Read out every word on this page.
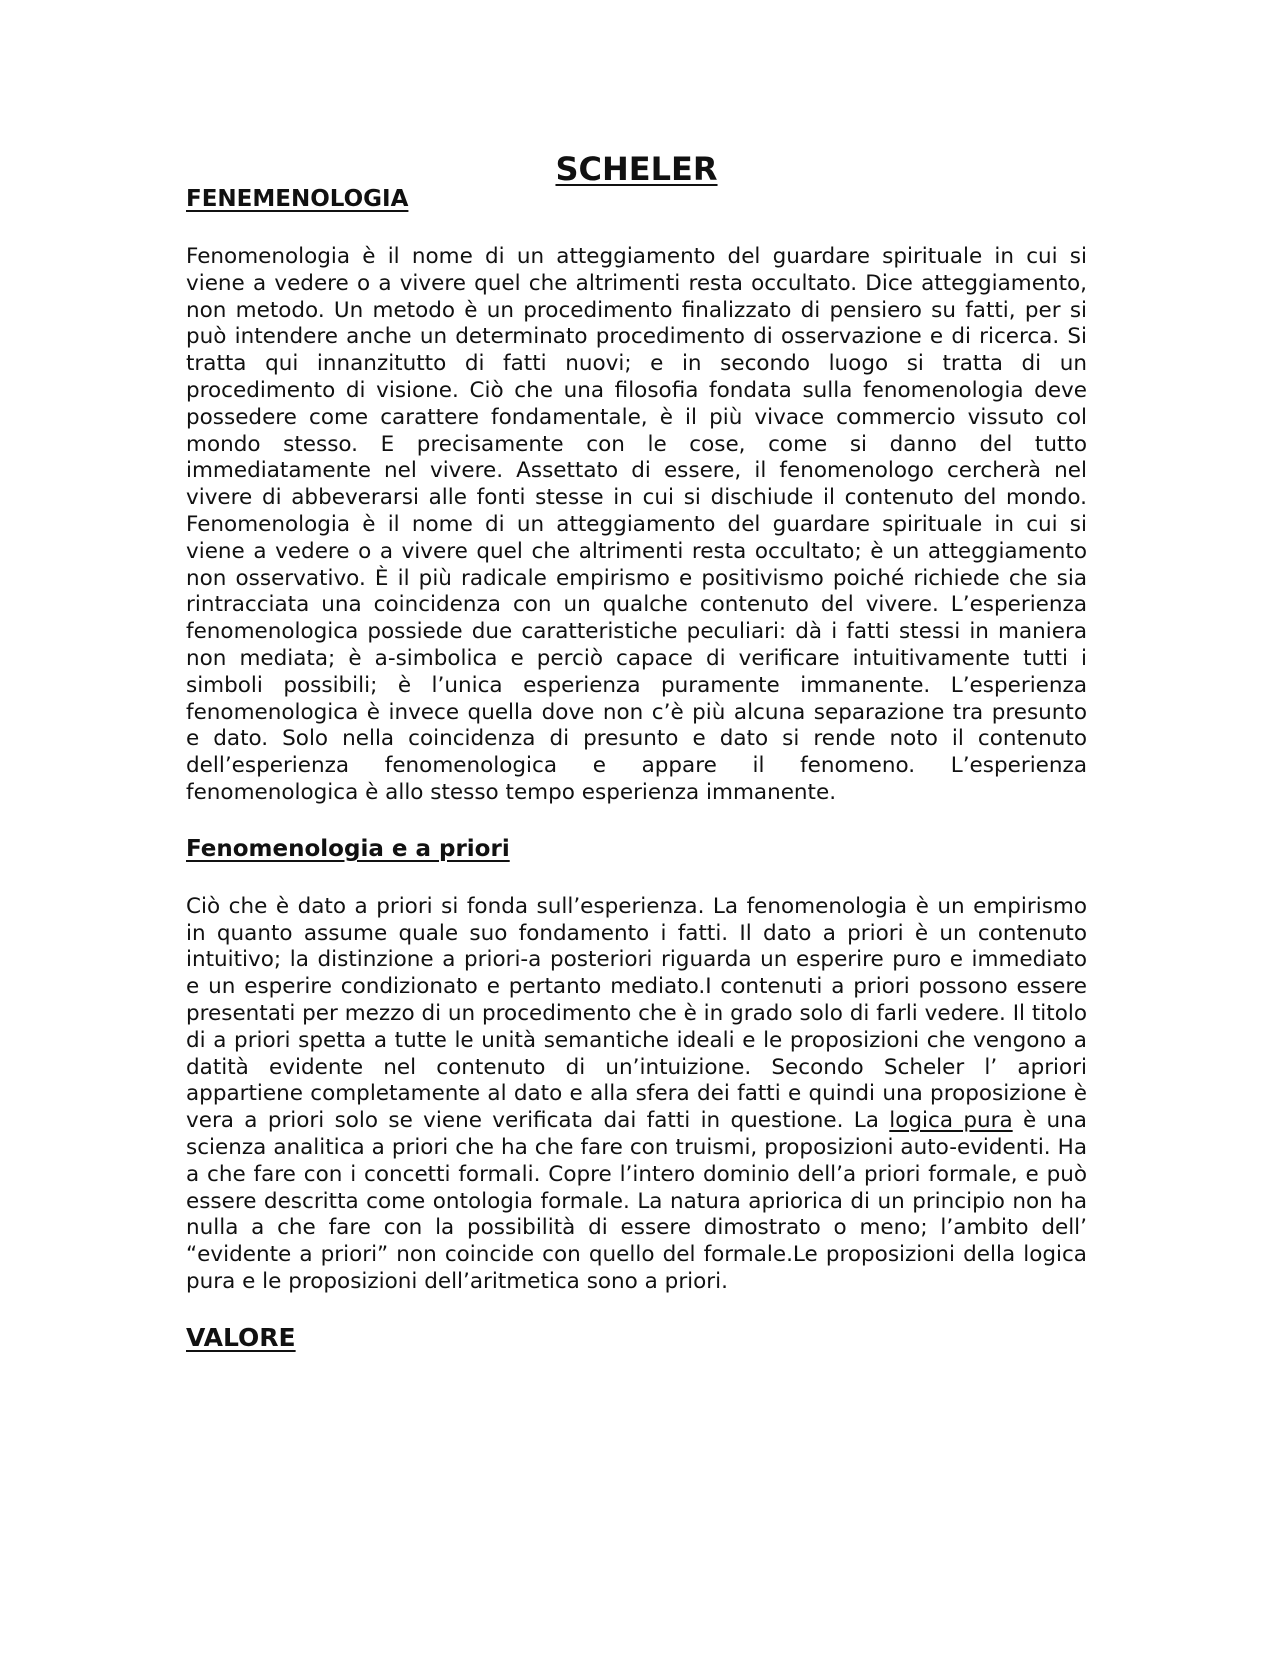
SCHELER
FENEMENOLOGIA

Fenomenologia è il nome di un atteggiamento del guardare spirituale in cui si viene a vedere o a vivere quel che altrimenti resta occultato. Dice atteggiamento, non metodo. Un metodo è un procedimento finalizzato di pensiero su fatti, per si può intendere anche un determinato procedimento di osservazione e di ricerca. Si tratta qui innanzitutto di fatti nuovi; e in secondo luogo si tratta di un procedimento di visione. Ciò che una filosofia fondata sulla fenomenologia deve possedere come carattere fondamentale, è il più vivace commercio vissuto col mondo stesso. E precisamente con le cose, come si danno del tutto immediatamente nel vivere. Assettato di essere, il fenomenologo cercherà nel vivere di abbeverarsi alle fonti stesse in cui si dischiude il contenuto del mondo. Fenomenologia è il nome di un atteggiamento del guardare spirituale in cui si viene a vedere o a vivere quel che altrimenti resta occultato; è un atteggiamento non osservativo. È il più radicale empirismo e positivismo poiché richiede che sia rintracciata una coincidenza con un qualche contenuto del vivere. L’esperienza fenomenologica possiede due caratteristiche peculiari: dà i fatti stessi in maniera non mediata; è a-simbolica e perciò capace di verificare intuitivamente tutti i simboli possibili; è l’unica esperienza puramente immanente. L’esperienza fenomenologica è invece quella dove non c’è più alcuna separazione tra presunto e dato. Solo nella coincidenza di presunto e dato si rende noto il contenuto dell’esperienza fenomenologica e appare il fenomeno. L’esperienza fenomenologica è allo stesso tempo esperienza immanente.

Fenomenologia e a priori

Ciò che è dato a priori si fonda sull’esperienza. La fenomenologia è un empirismo in quanto assume quale suo fondamento i fatti. Il dato a priori è un contenuto intuitivo; la distinzione a priori-a posteriori riguarda un esperire puro e immediato e un esperire condizionato e pertanto mediato.I contenuti a priori possono essere presentati per mezzo di un procedimento che è in grado solo di farli vedere. Il titolo di a priori spetta a tutte le unità semantiche ideali e le proposizioni che vengono a datità evidente nel contenuto di un’intuizione. Secondo Scheler l’ apriori appartiene completamente al dato e alla sfera dei fatti e quindi una proposizione è vera a priori solo se viene verificata dai fatti in questione. La logica pura è una scienza analitica a priori che ha che fare con truismi, proposizioni auto-evidenti. Ha a che fare con i concetti formali. Copre l’intero dominio dell’a priori formale, e può essere descritta come ontologia formale. La natura apriorica di un principio non ha nulla a che fare con la possibilità di essere dimostrato o meno; l’ambito dell’ “evidente a priori” non coincide con quello del formale.Le proposizioni della logica pura e le proposizioni dell’aritmetica sono a priori.

VALORE
